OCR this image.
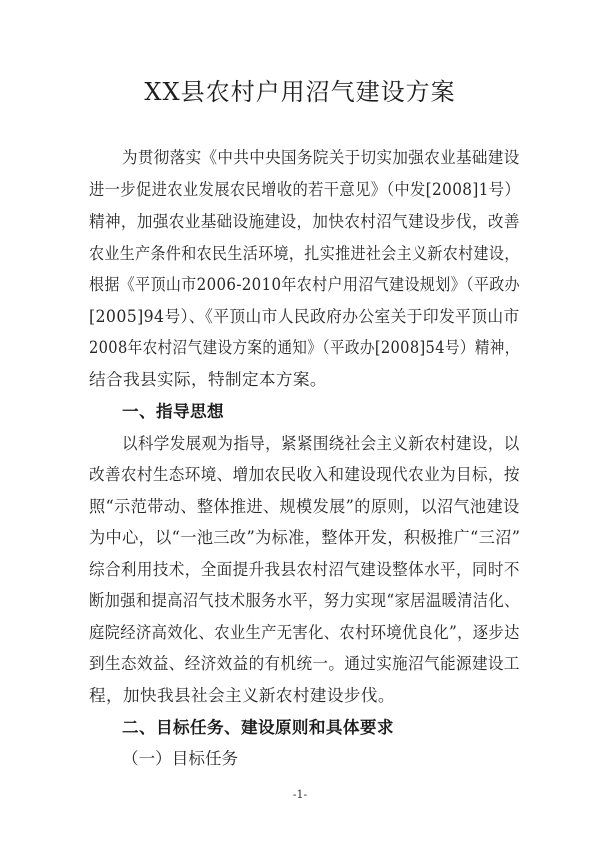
XX县农村户用沼气建设方案
为贯彻落实《中共中央国务院关于切实加强农业基础建设
进一步促进农业发展农民增收的若干意见》（中发[2008]1号）
精神，加强农业基础设施建设，加快农村沼气建设步伐，改善
农业生产条件和农民生活环境，扎实推进社会主义新农村建设，
根据《平顶山市2006-2010年农村户用沼气建设规划》（平政办
[2005]94号）、《平顶山市人民政府办公室关于印发平顶山市
2008年农村沼气建设方案的通知》（平政办[2008]54号）精神，
结合我县实际，特制定本方案。
一、指导思想
以科学发展观为指导，紧紧围绕社会主义新农村建设，以
改善农村生态环境、增加农民收入和建设现代农业为目标，按
照“示范带动、整体推进、规模发展”的原则，以沼气池建设
为中心，以“一池三改”为标准，整体开发，积极推广“三沼”
综合利用技术，全面提升我县农村沼气建设整体水平，同时不
断加强和提高沼气技术服务水平，努力实现“家居温暖清洁化、
庭院经济高效化、农业生产无害化、农村环境优良化”，逐步达
到生态效益、经济效益的有机统一。通过实施沼气能源建设工
程，加快我县社会主义新农村建设步伐。
二、目标任务、建设原则和具体要求
（一）目标任务
-1-
